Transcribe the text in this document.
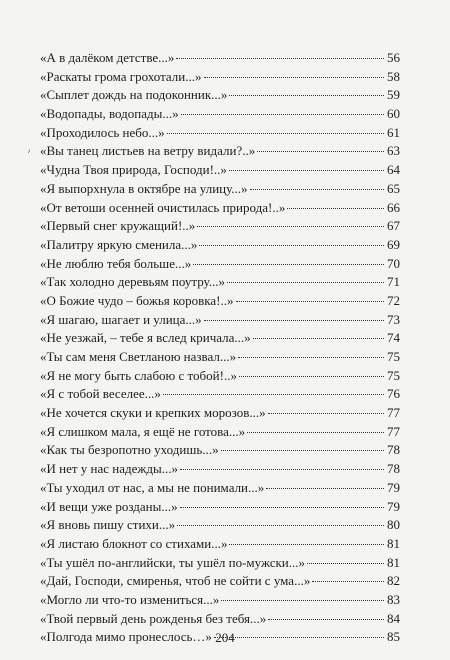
ᐟ
«А в далёком детстве...»	56
«Раскаты грома грохотали...»	58
«Сыплет дождь на подоконник...»	59
«Водопады, водопады...»	60
«Проходилось небо...»	61
«Вы танец листьев на ветру видали?..»	63
«Чудна Твоя природа, Господи!..»	64
«Я выпорхнула в октябре на улицу...»	65
«От ветоши осенней очистилась природа!..»	66
«Первый снег кружащий!..»	67
«Палитру яркую сменила...»	69
«Не люблю тебя больше...»	70
«Так холодно деревьям поутру...»	71
«О Божие чудо – божья коровка!..»	72
«Я шагаю, шагает и улица...»	73
«Не уезжай, – тебе я вслед кричала...»	74
«Ты сам меня Светланою назвал...»	75
«Я не могу быть слабою с тобой!..»	75
«Я с тобой веселее...»	76
«Не хочется скуки и крепких морозов...»	77
«Я слишком мала, я ещё не готова...»	77
«Как ты безропотно уходишь...»	78
«И нет у нас надежды...»	78
«Ты уходил от нас, а мы не понимали...»	79
«И вещи уже розданы...»	79
«Я вновь пишу стихи...»	80
«Я листаю блокнот со стихами...»	81
«Ты ушёл по-английски, ты ушёл по-мужски...»	81
«Дай, Господи, смиренья, чтоб не сойти с ума...»	82
«Могло ли что-то измениться...»	83
«Твой первый день рожденья без тебя...»	84
«Полгода мимо пронеслось…»	85
204
